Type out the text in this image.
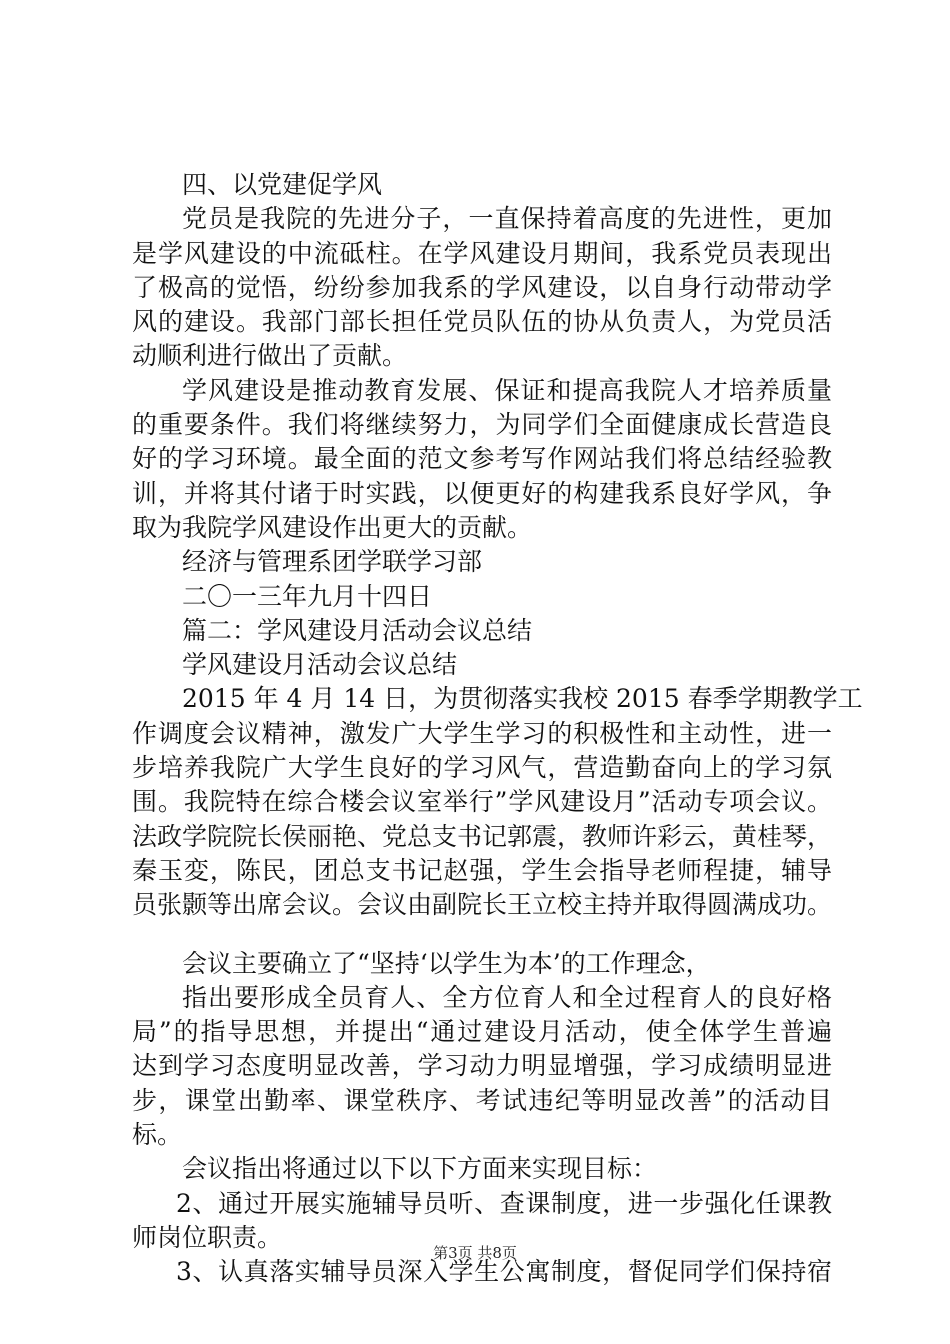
四、以党建促学风
党员是我院的先进分子，一直保持着高度的先进性，更加
是学风建设的中流砥柱。在学风建设月期间，我系党员表现出
了极高的觉悟，纷纷参加我系的学风建设，以自身行动带动学
风的建设。我部门部长担任党员队伍的协从负责人，为党员活
动顺利进行做出了贡献。
学风建设是推动教育发展、保证和提高我院人才培养质量
的重要条件。我们将继续努力，为同学们全面健康成长营造良
好的学习环境。最全面的范文参考写作网站我们将总结经验教
训，并将其付诸于时实践，以便更好的构建我系良好学风，争
取为我院学风建设作出更大的贡献。
经济与管理系团学联学习部
二〇一三年九月十四日
篇二：学风建设月活动会议总结
学风建设月活动会议总结
2015 年 4 月 14 日，为贯彻落实我校 2015 春季学期教学工
作调度会议精神，激发广大学生学习的积极性和主动性，进一
步培养我院广大学生良好的学习风气，营造勤奋向上的学习氛
围。我院特在综合楼会议室举行”学风建设月”活动专项会议。
法政学院院长侯丽艳、党总支书记郭震，教师许彩云，黄桂琴，
秦玉変，陈民，团总支书记赵强，学生会指导老师程捷，辅导
员张颢等出席会议。会议由副院长王立校主持并取得圆满成功。
会议主要确立了“坚持‘以学生为本’的工作理念，
指出要形成全员育人、全方位育人和全过程育人的良好格
局”的指导思想，并提出“通过建设月活动，使全体学生普遍
达到学习态度明显改善，学习动力明显增强，学习成绩明显进
步，课堂出勤率、课堂秩序、考试违纪等明显改善”的活动目
标。
会议指出将通过以下以下方面来实现目标：
2、通过开展实施辅导员听、查课制度，进一步强化任课教
师岗位职责。
3、认真落实辅导员深入学生公寓制度，督促同学们保持宿
第3页 共8页
